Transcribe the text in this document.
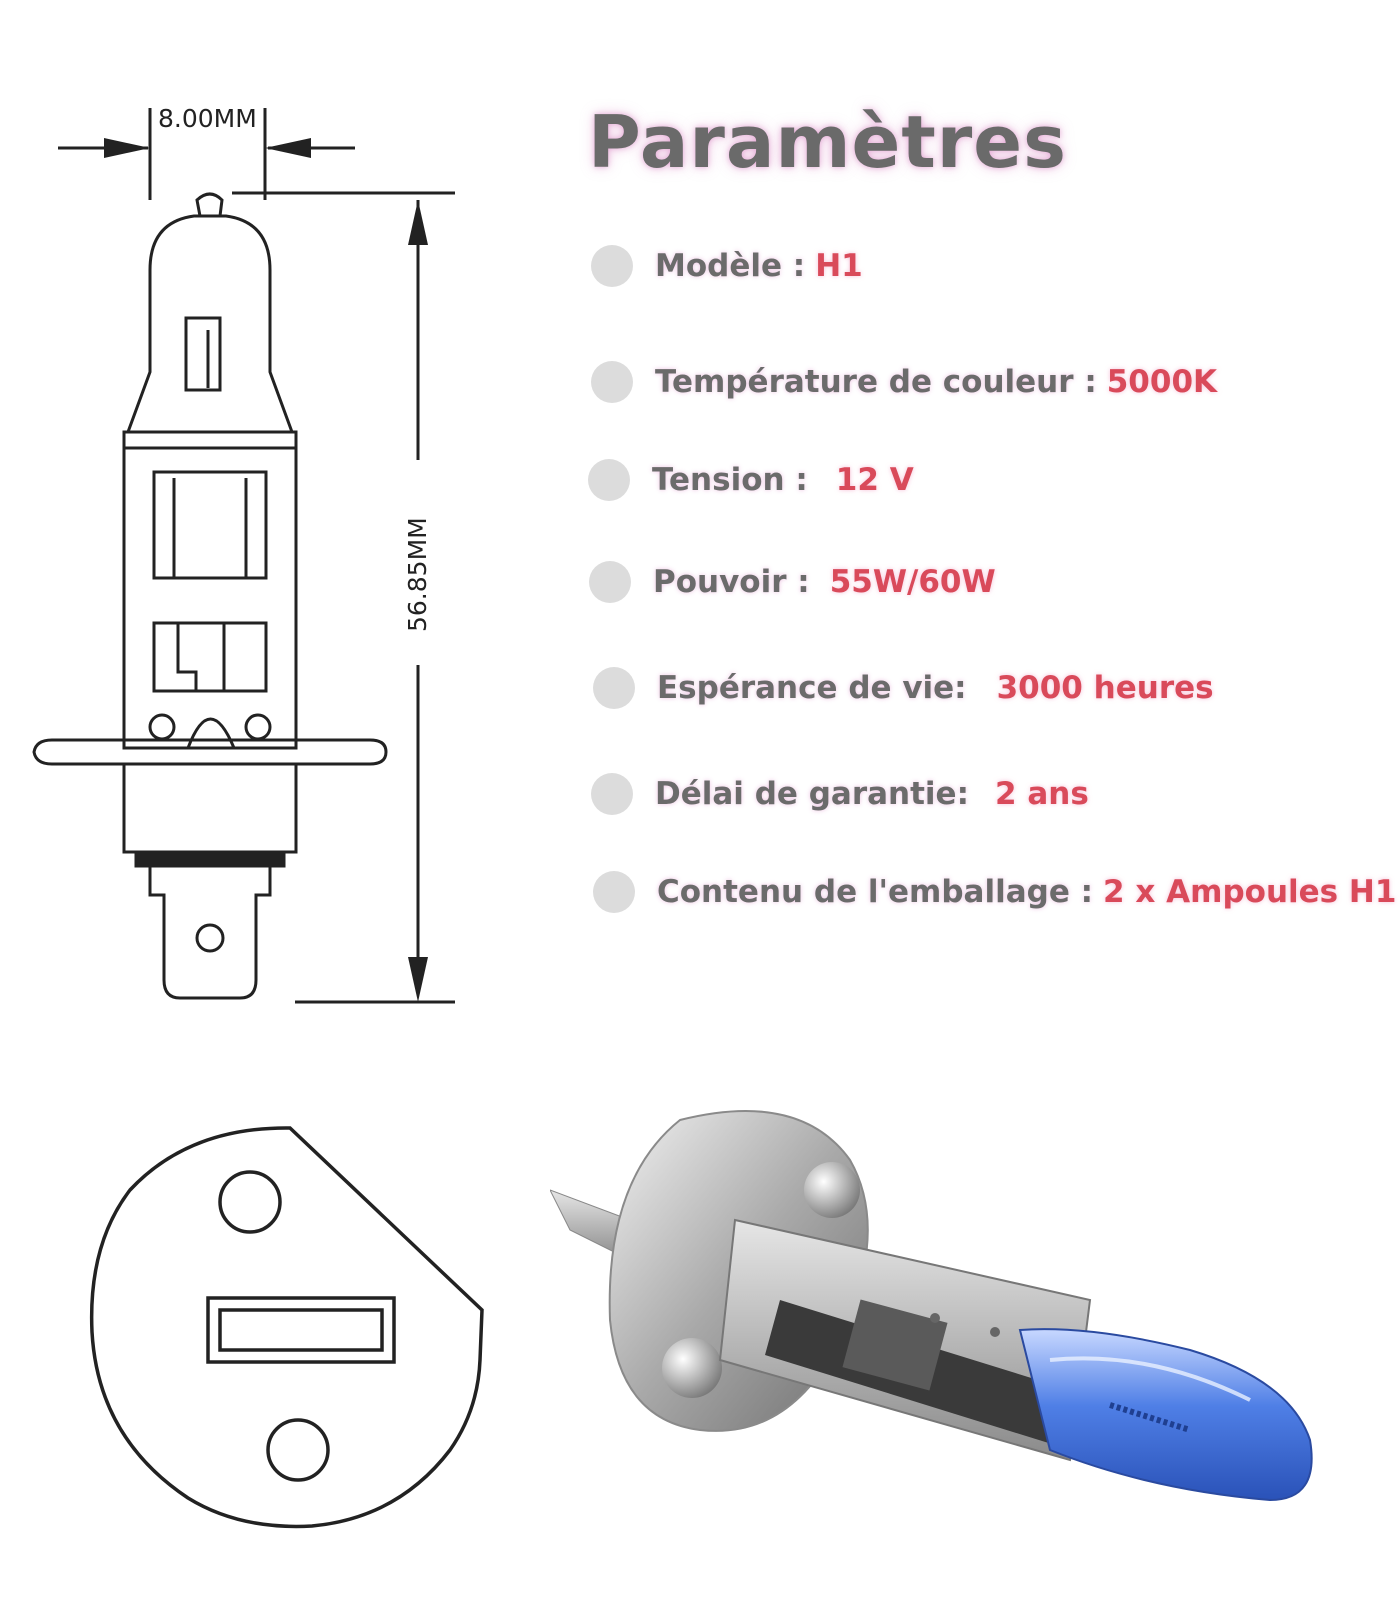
8.00MM
56.85MM
Paramètres
Modèle : H1
Température de couleur : 5000K
Tension : 12 V
Pouvoir : 55W/60W
Espérance de vie: 3000 heures
Délai de garantie: 2 ans
Contenu de l'emballage : 2 x Ampoules H1
